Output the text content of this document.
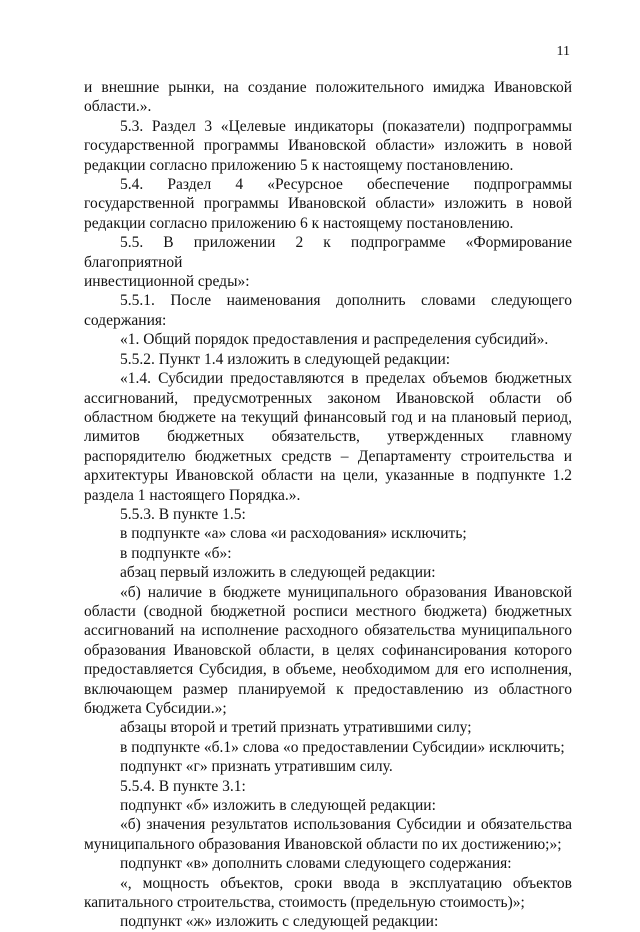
11

и внешние рынки, на создание положительного имиджа Ивановской

области.».

5.3. Раздел 3 «Целевые индикаторы (показатели) подпрограммы

государственной программы Ивановской области» изложить в новой

редакции согласно приложению 5 к настоящему постановлению.

5.4. Раздел 4 «Ресурсное обеспечение подпрограммы

государственной программы Ивановской области» изложить в новой

редакции согласно приложению 6 к настоящему постановлению.

5.5. В приложении 2 к подпрограмме «Формирование благоприятной

инвестиционной среды»:

5.5.1. После наименования дополнить словами следующего

содержания:

«1. Общий порядок предоставления и распределения субсидий».

5.5.2. Пункт 1.4 изложить в следующей редакции:

«1.4. Субсидии предоставляются в пределах объемов бюджетных

ассигнований, предусмотренных законом Ивановской области об

областном бюджете на текущий финансовый год и на плановый период,

лимитов бюджетных обязательств, утвержденных главному

распорядителю бюджетных средств – Департаменту строительства и

архитектуры Ивановской области на цели, указанные в подпункте 1.2

раздела 1 настоящего Порядка.».

5.5.3. В пункте 1.5:

в подпункте «а» слова «и расходования» исключить;

в подпункте «б»:

абзац первый изложить в следующей редакции:

«б) наличие в бюджете муниципального образования Ивановской

области (сводной бюджетной росписи местного бюджета) бюджетных

ассигнований на исполнение расходного обязательства муниципального

образования Ивановской области, в целях софинансирования которого

предоставляется Субсидия, в объеме, необходимом для его исполнения,

включающем размер планируемой к предоставлению из областного

бюджета Субсидии.»;

абзацы второй и третий признать утратившими силу;

в подпункте «б.1» слова «о предоставлении Субсидии» исключить;

подпункт «г» признать утратившим силу.

5.5.4. В пункте 3.1:

подпункт «б» изложить в следующей редакции:

«б) значения результатов использования Субсидии и обязательства

муниципального образования Ивановской области по их достижению;»;

подпункт «в» дополнить словами следующего содержания:

«, мощность объектов, сроки ввода в эксплуатацию объектов

капитального строительства, стоимость (предельную стоимость)»;

подпункт «ж» изложить с следующей редакции:
